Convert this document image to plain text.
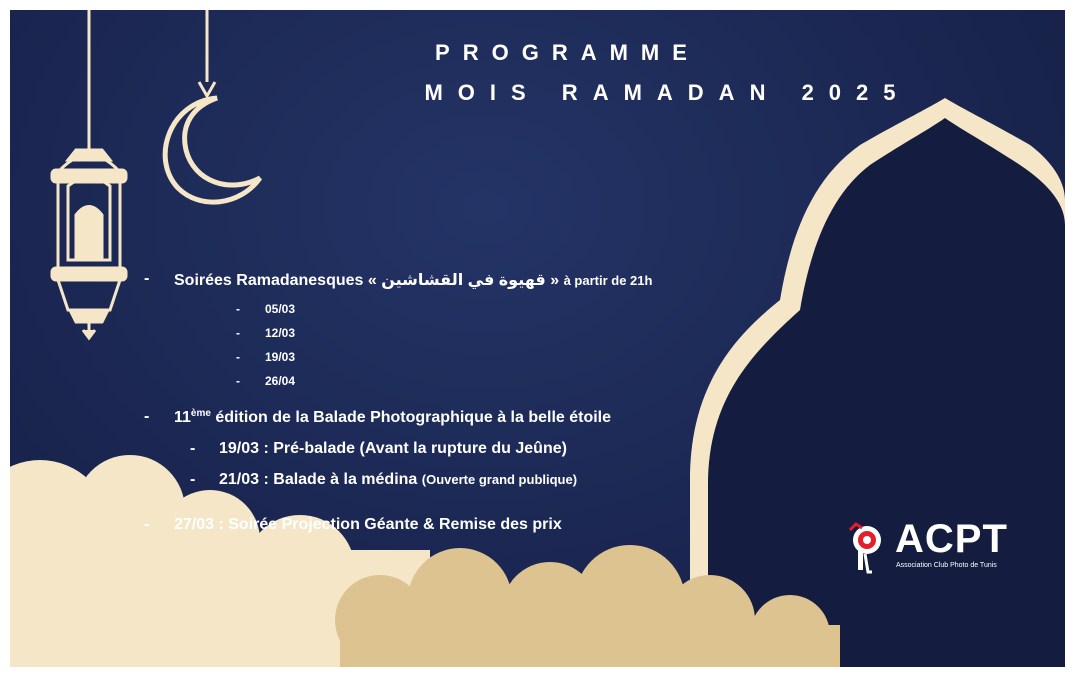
PROGRAMME
MOIS RAMADAN 2025
- Soirées Ramadanesques « قهيوة في القشاشين » à partir de 21h
- 05/03
- 12/03
- 19/03
- 26/04
- 11ème édition de la Balade Photographique à la belle étoile
- 19/03 : Pré-balade (Avant la rupture du Jeûne)
- 21/03 : Balade à la médina (Ouverte grand publique)
- 27/03 : Soirée Projection Géante & Remise des prix	ACPT
Association Club Photo de Tunis
